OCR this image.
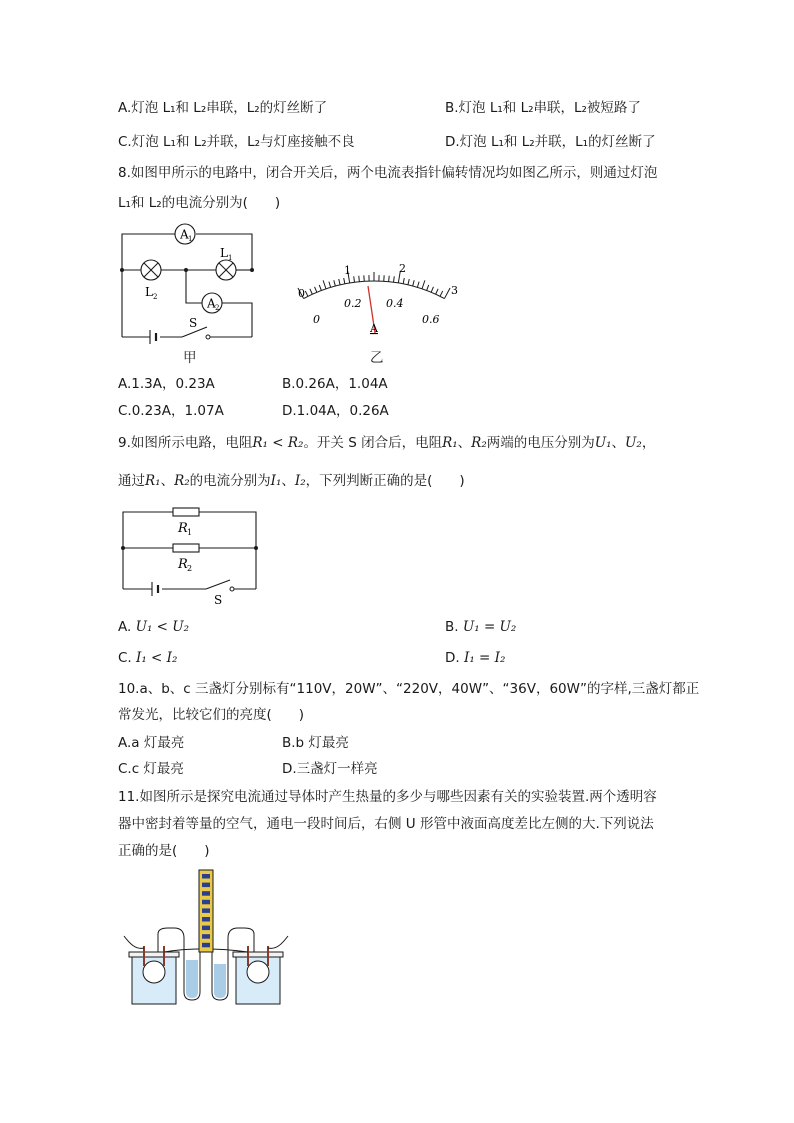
A.灯泡 L₁和 L₂串联，L₂的灯丝断了	B.灯泡 L₁和 L₂串联，L₂被短路了
C.灯泡 L₁和 L₂并联，L₂与灯座接触不良	D.灯泡 L₁和 L₂并联，L₁的灯丝断了
8.如图甲所示的电路中，闭合开关后，两个电流表指针偏转情况均如图乙所示，则通过灯泡
L₁和 L₂的电流分别为(　　)
A 1
A 2
L 1
L 2
S
甲
0
1	2
3
0
0.2 0.4
0.6
A
乙
A.1.3A，0.23A	B.0.26A，1.04A
C.0.23A，1.07A	D.1.04A，0.26A
9.如图所示电路，电阻R₁ < R₂。开关 S 闭合后，电阻R₁、R₂两端的电压分别为U₁、U₂，
通过R₁、R₂的电流分别为I₁、I₂，下列判断正确的是(　　)
R 1
R 2
S
A. U₁ < U₂	B. U₁ = U₂
C. I₁ < I₂	D. I₁ = I₂
10.a、b、c 三盏灯分别标有“110V，20W”、“220V，40W”、“36V，60W”的字样,三盏灯都正
常发光，比较它们的亮度(　　)
A.a 灯最亮	B.b 灯最亮
C.c 灯最亮	D.三盏灯一样亮
11.如图所示是探究电流通过导体时产生热量的多少与哪些因素有关的实验装置.两个透明容
器中密封着等量的空气，通电一段时间后，右侧 U 形管中液面高度差比左侧的大.下列说法
正确的是(　　)
